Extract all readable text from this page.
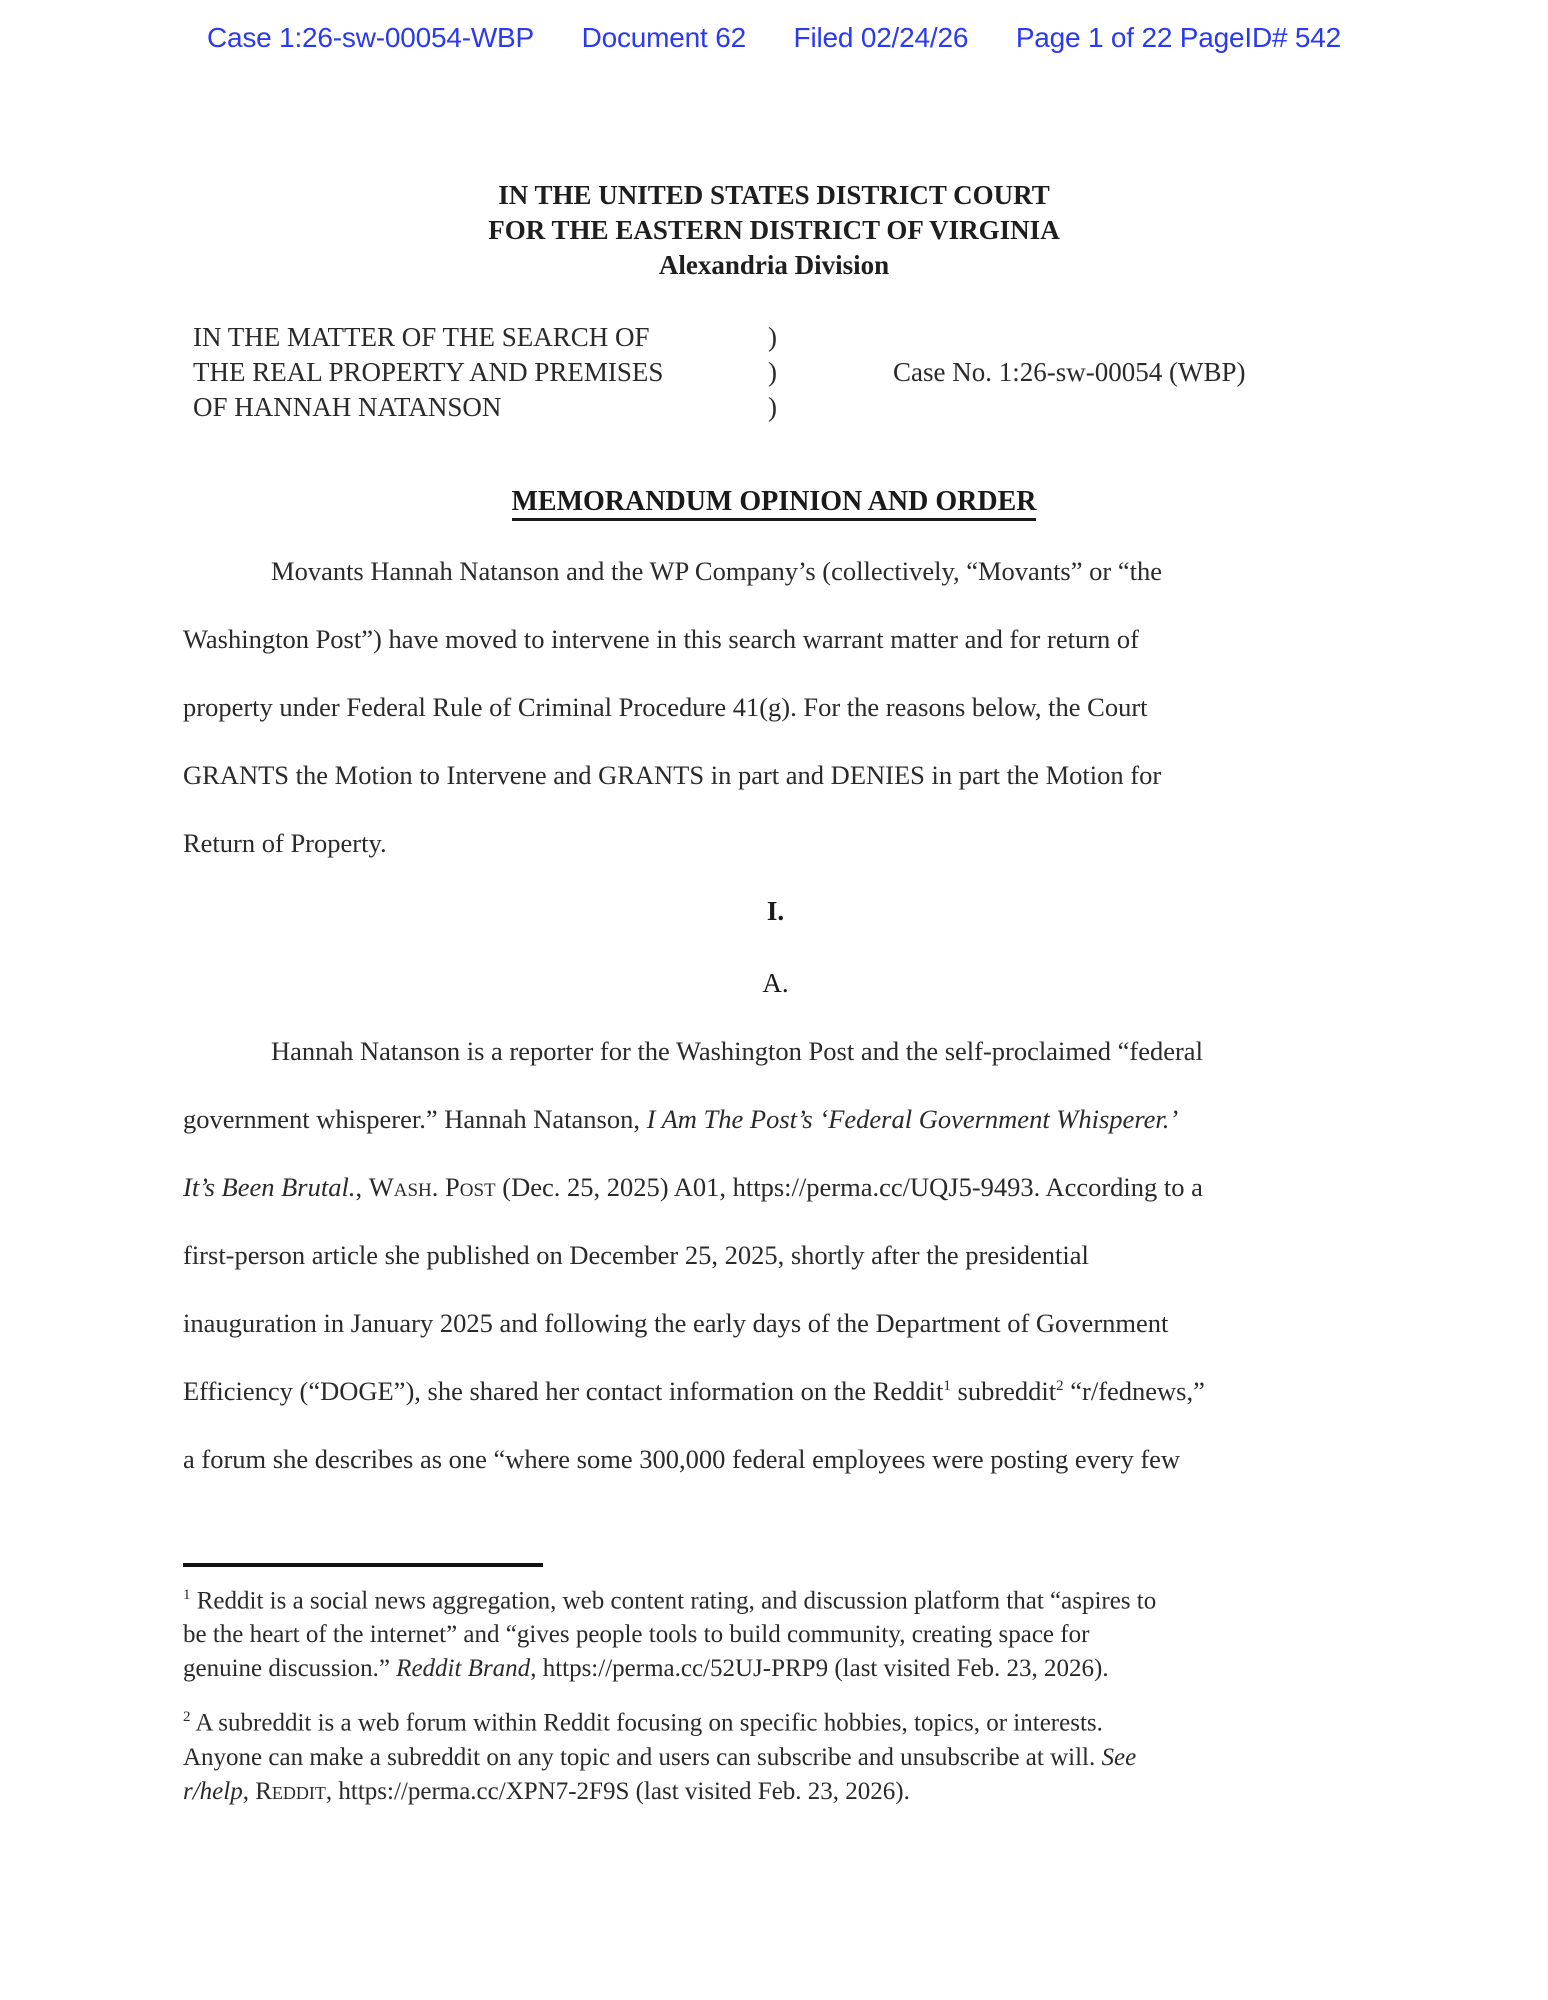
Case 1:26-sw-00054-WBP Document 62 Filed 02/24/26 Page 1 of 22 PageID# 542
IN THE UNITED STATES DISTRICT COURT
FOR THE EASTERN DISTRICT OF VIRGINIA
Alexandria Division
IN THE MATTER OF THE SEARCH OF
THE REAL PROPERTY AND PREMISES
OF HANNAH NATANSON
)
)
)
Case No. 1:26-sw-00054 (WBP)
MEMORANDUM OPINION AND ORDER
Movants Hannah Natanson and the WP Company’s (collectively, “Movants” or “the
Washington Post”) have moved to intervene in this search warrant matter and for return of
property under Federal Rule of Criminal Procedure 41(g). For the reasons below, the Court
GRANTS the Motion to Intervene and GRANTS in part and DENIES in part the Motion for
Return of Property.
I.
A.
Hannah Natanson is a reporter for the Washington Post and the self-proclaimed “federal
government whisperer.” Hannah Natanson, I Am The Post’s ‘Federal Government Whisperer.’
It’s Been Brutal., Wash. Post (Dec. 25, 2025) A01, https://perma.cc/UQJ5-9493. According to a
first-person article she published on December 25, 2025, shortly after the presidential
inauguration in January 2025 and following the early days of the Department of Government
Efficiency (“DOGE”), she shared her contact information on the Reddit$^1$ subreddit$^2$ “r/fednews,”
a forum she describes as one “where some 300,000 federal employees were posting every few
$^1$ Reddit is a social news aggregation, web content rating, and discussion platform that “aspires to
be the heart of the internet” and “gives people tools to build community, creating space for
genuine discussion.” Reddit Brand, https://perma.cc/52UJ-PRP9 (last visited Feb. 23, 2026).
$^2$ A subreddit is a web forum within Reddit focusing on specific hobbies, topics, or interests.
Anyone can make a subreddit on any topic and users can subscribe and unsubscribe at will. See
r/help, Reddit, https://perma.cc/XPN7-2F9S (last visited Feb. 23, 2026).
